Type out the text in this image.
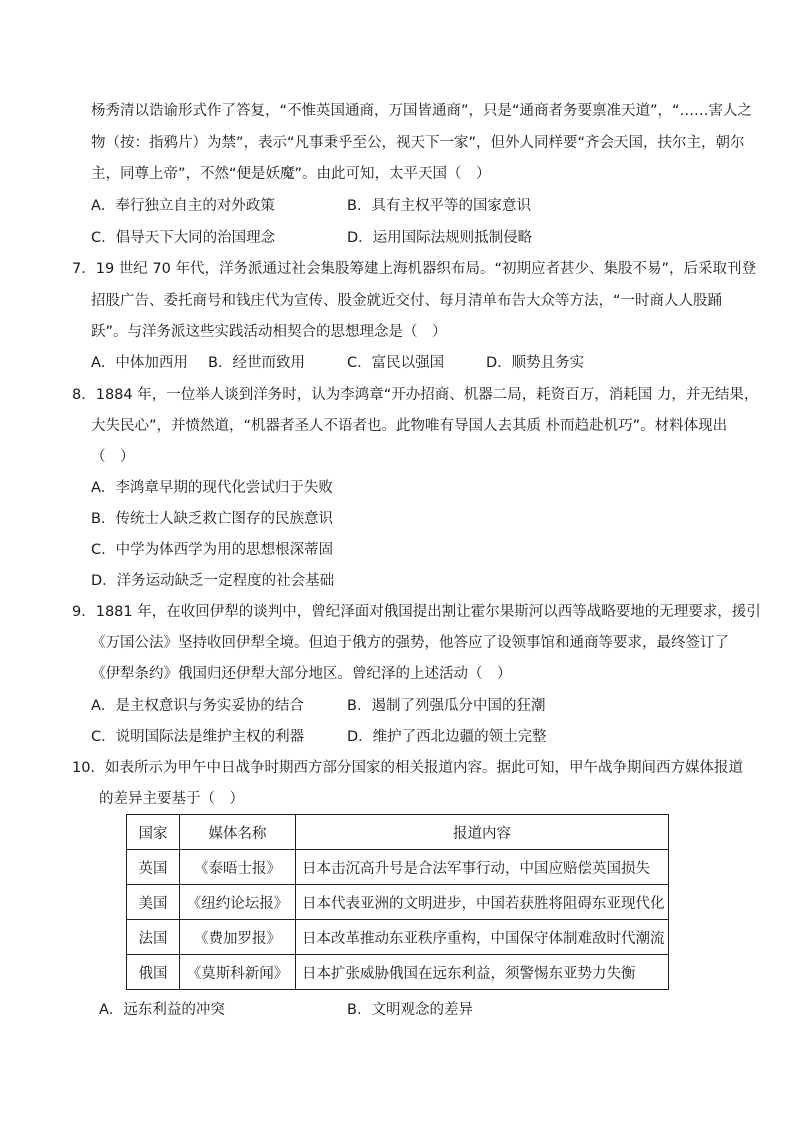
杨秀清以诰谕形式作了答复，“不惟英国通商，万国皆通商”，只是“通商者务要禀准天道”，“……害人之
物（按：指鸦片）为禁”，表示“凡事秉乎至公，视天下一家”，但外人同样要“齐会天国，扶尔主，朝尔
主，同尊上帝”，不然“便是妖魔”。由此可知，太平天国（　）
A．奉行独立自主的对外政策	B．具有主权平等的国家意识
C．倡导天下大同的治国理念	D．运用国际法规则抵制侵略
7．19 世纪 70 年代，洋务派通过社会集股筹建上海机器织布局。“初期应者甚少、集股不易”，后采取刊登
招股广告、委托商号和钱庄代为宣传、股金就近交付、每月清单布告大众等方法，“一时商人人股踊
跃”。与洋务派这些实践活动相契合的思想理念是（　）
A．中体加西用 B．经世而致用	C．富民以强国	D．顺势且务实
8．1884 年，一位举人谈到洋务时，认为李鸿章“开办招商、机器二局，耗资百万，消耗国 力，并无结果，
大失民心”，并愤然道，“机器者圣人不语者也。此物唯有导国人去其质 朴而趋赴机巧”。材料体现出
（　）
A．李鸿章早期的现代化尝试归于失败
B．传统士人缺乏救亡图存的民族意识
C．中学为体西学为用的思想根深蒂固
D．洋务运动缺乏一定程度的社会基础
9．1881 年，在收回伊犁的谈判中，曾纪泽面对俄国提出割让霍尔果斯河以西等战略要地的无理要求，援引
《万国公法》坚持收回伊犁全境。但迫于俄方的强势，他答应了设领事馆和通商等要求，最终签订了
《伊犁条约》俄国归还伊犁大部分地区。曾纪泽的上述活动（　）
A．是主权意识与务实妥协的结合	B．遏制了列强瓜分中国的狂潮
C．说明国际法是维护主权的利器	D．维护了西北边疆的领土完整
10．如表所示为甲午中日战争时期西方部分国家的相关报道内容。据此可知，甲午战争期间西方媒体报道
的差异主要基于（　）
国家	媒体名称	报道内容
英国	《泰晤士报》	日本击沉高升号是合法军事行动，中国应赔偿英国损失
美国	《纽约论坛报》	日本代表亚洲的文明进步，中国若获胜将阻碍东亚现代化
法国	《费加罗报》	日本改革推动东亚秩序重构，中国保守体制难敌时代潮流
俄国	《莫斯科新闻》	日本扩张威胁俄国在远东利益，须警惕东亚势力失衡
A．远东利益的冲突	B．文明观念的差异
